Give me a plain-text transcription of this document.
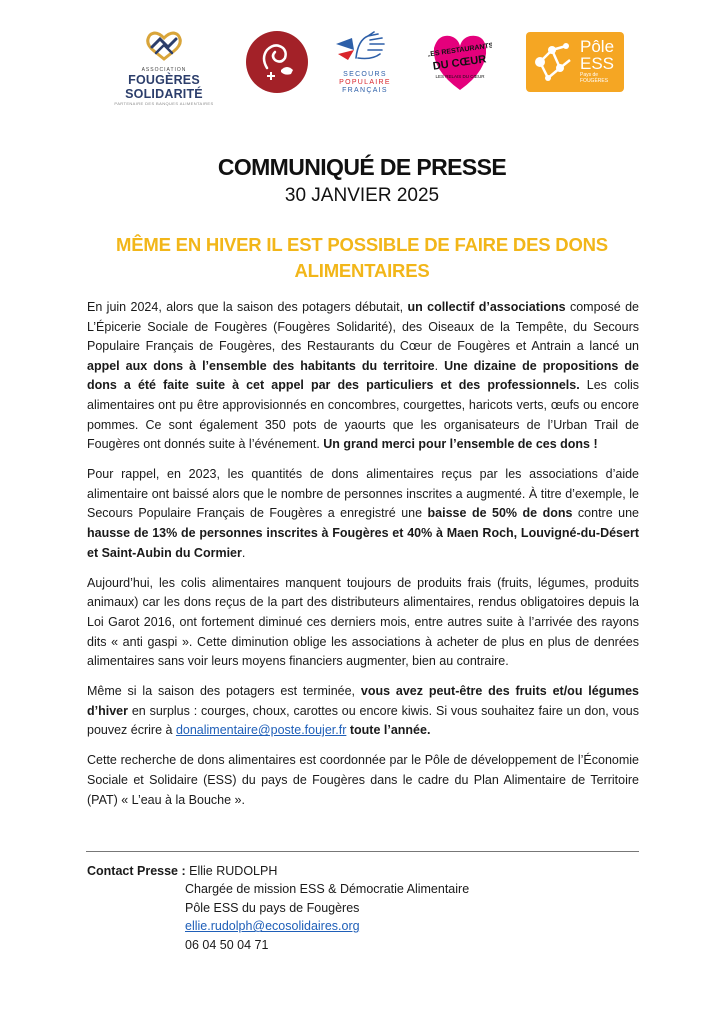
ASSOCIATION
FOUGÈRES SOLIDARITÉ
PARTENAIRE DES BANQUES ALIMENTAIRES
SECOURS
POPULAIRE
FRANÇAIS
LES RESTAURANTS
DU CŒUR
LES RELAIS DU CŒUR
Pôle
ESS
Pays de
FOUGÈRES
COMMUNIQUÉ DE PRESSE
30 JANVIER 2025
MÊME EN HIVER IL EST POSSIBLE DE FAIRE DES DONS
ALIMENTAIRES

En juin 2024, alors que la saison des potagers débutait, un collectif d’associations composé de L’Épicerie Sociale de Fougères (Fougères Solidarité), des Oiseaux de la Tempête, du Secours Populaire Français de Fougères, des Restaurants du Cœur de Fougères et Antrain a lancé un appel aux dons à l’ensemble des habitants du territoire. Une dizaine de propositions de dons a été faite suite à cet appel par des particuliers et des professionnels. Les colis alimentaires ont pu être approvisionnés en concombres, courgettes, haricots verts, œufs ou encore pommes. Ce sont également 350 pots de yaourts que les organisateurs de l’Urban Trail de Fougères ont donnés suite à l’événement. Un grand merci pour l’ensemble de ces dons !

Pour rappel, en 2023, les quantités de dons alimentaires reçus par les associations d’aide alimentaire ont baissé alors que le nombre de personnes inscrites a augmenté. À titre d’exemple, le Secours Populaire Français de Fougères a enregistré une baisse de 50% de dons contre une hausse de 13% de personnes inscrites à Fougères et 40% à Maen Roch, Louvigné-du-Désert et Saint-Aubin du Cormier.

Aujourd’hui, les colis alimentaires manquent toujours de produits frais (fruits, légumes, produits animaux) car les dons reçus de la part des distributeurs alimentaires, rendus obligatoires depuis la Loi Garot 2016, ont fortement diminué ces derniers mois, entre autres suite à l’arrivée des rayons dits « anti gaspi ». Cette diminution oblige les associations à acheter de plus en plus de denrées alimentaires sans voir leurs moyens financiers augmenter, bien au contraire.

Même si la saison des potagers est terminée, vous avez peut-être des fruits et/ou légumes d’hiver en surplus : courges, choux, carottes ou encore kiwis. Si vous souhaitez faire un don, vous pouvez écrire à donalimentaire@poste.foujer.fr toute l’année.

Cette recherche de dons alimentaires est coordonnée par le Pôle de développement de l’Économie Sociale et Solidaire (ESS) du pays de Fougères dans le cadre du Plan Alimentaire de Territoire (PAT) « L’eau à la Bouche ».

Contact Presse : Ellie RUDOLPH
Chargée de mission ESS & Démocratie Alimentaire
Pôle ESS du pays de Fougères
ellie.rudolph@ecosolidaires.org
06 04 50 04 71
